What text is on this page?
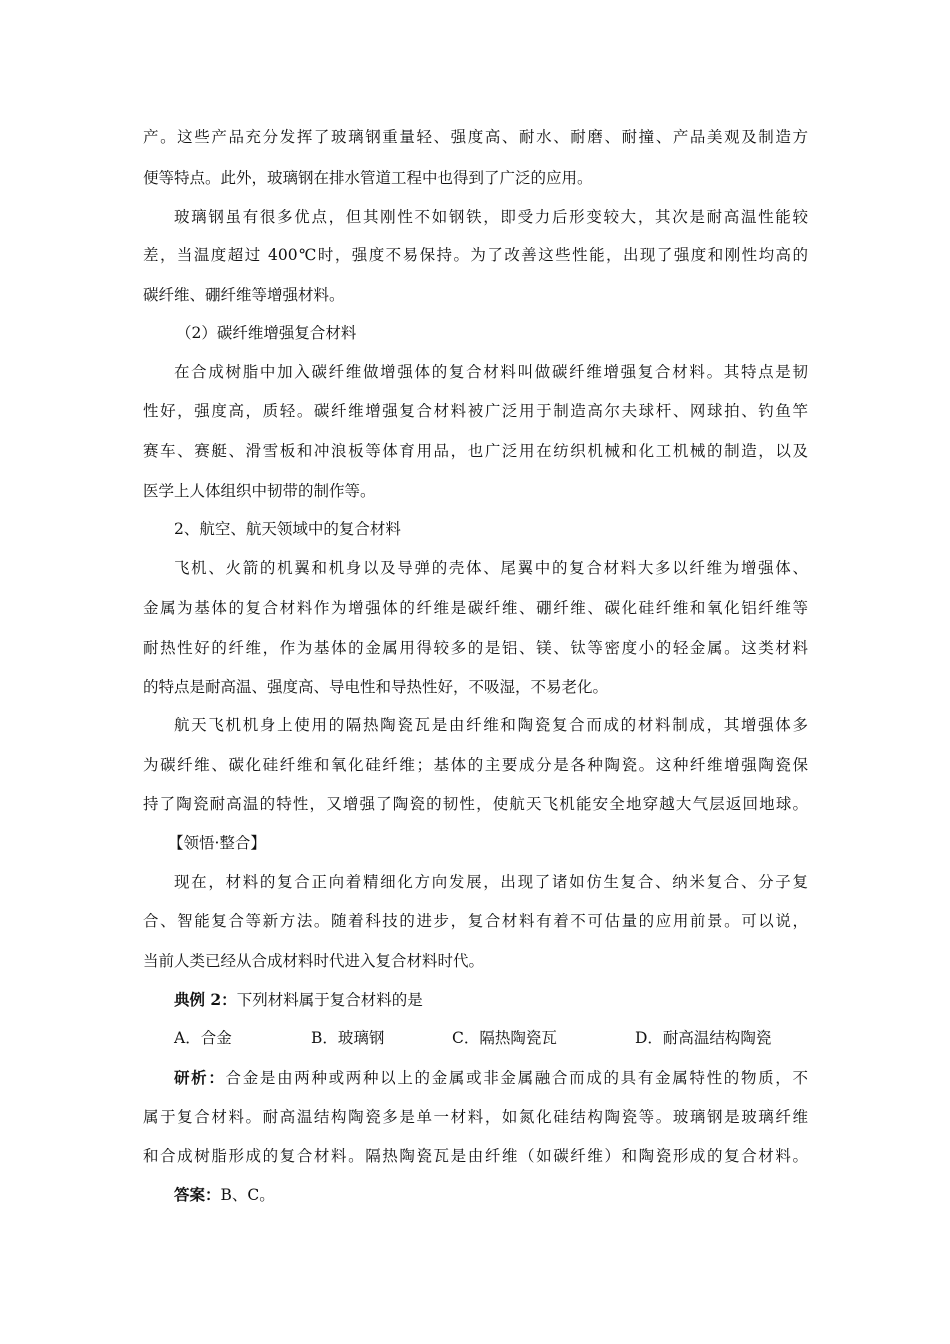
产。这些产品充分发挥了玻璃钢重量轻、强度高、耐水、耐磨、耐撞、产品美观及制造方
便等特点。此外，玻璃钢在排水管道工程中也得到了广泛的应用。
玻璃钢虽有很多优点，但其刚性不如钢铁，即受力后形变较大，其次是耐高温性能较
差，当温度超过 400℃时，强度不易保持。为了改善这些性能，出现了强度和刚性均高的
碳纤维、硼纤维等增强材料。
（2）碳纤维增强复合材料
在合成树脂中加入碳纤维做增强体的复合材料叫做碳纤维增强复合材料。其特点是韧
性好，强度高，质轻。碳纤维增强复合材料被广泛用于制造高尔夫球杆、网球拍、钓鱼竿
赛车、赛艇、滑雪板和冲浪板等体育用品，也广泛用在纺织机械和化工机械的制造，以及
医学上人体组织中韧带的制作等。
2、航空、航天领域中的复合材料
飞机、火箭的机翼和机身以及导弹的壳体、尾翼中的复合材料大多以纤维为增强体、
金属为基体的复合材料作为增强体的纤维是碳纤维、硼纤维、碳化硅纤维和氧化铝纤维等
耐热性好的纤维，作为基体的金属用得较多的是铝、镁、钛等密度小的轻金属。这类材料
的特点是耐高温、强度高、导电性和导热性好，不吸湿，不易老化。
航天飞机机身上使用的隔热陶瓷瓦是由纤维和陶瓷复合而成的材料制成，其增强体多
为碳纤维、碳化硅纤维和氧化硅纤维；基体的主要成分是各种陶瓷。这种纤维增强陶瓷保
持了陶瓷耐高温的特性，又增强了陶瓷的韧性，使航天飞机能安全地穿越大气层返回地球。
【领悟·整合】
现在，材料的复合正向着精细化方向发展，出现了诸如仿生复合、纳米复合、分子复
合、智能复合等新方法。随着科技的进步，复合材料有着不可估量的应用前景。可以说，
当前人类已经从合成材料时代进入复合材料时代。
典例 2：下列材料属于复合材料的是
A．合金	B．玻璃钢	C．隔热陶瓷瓦	D．耐高温结构陶瓷
研析：合金是由两种或两种以上的金属或非金属融合而成的具有金属特性的物质，不
属于复合材料。耐高温结构陶瓷多是单一材料，如氮化硅结构陶瓷等。玻璃钢是玻璃纤维
和合成树脂形成的复合材料。隔热陶瓷瓦是由纤维（如碳纤维）和陶瓷形成的复合材料。
答案：B、C。
